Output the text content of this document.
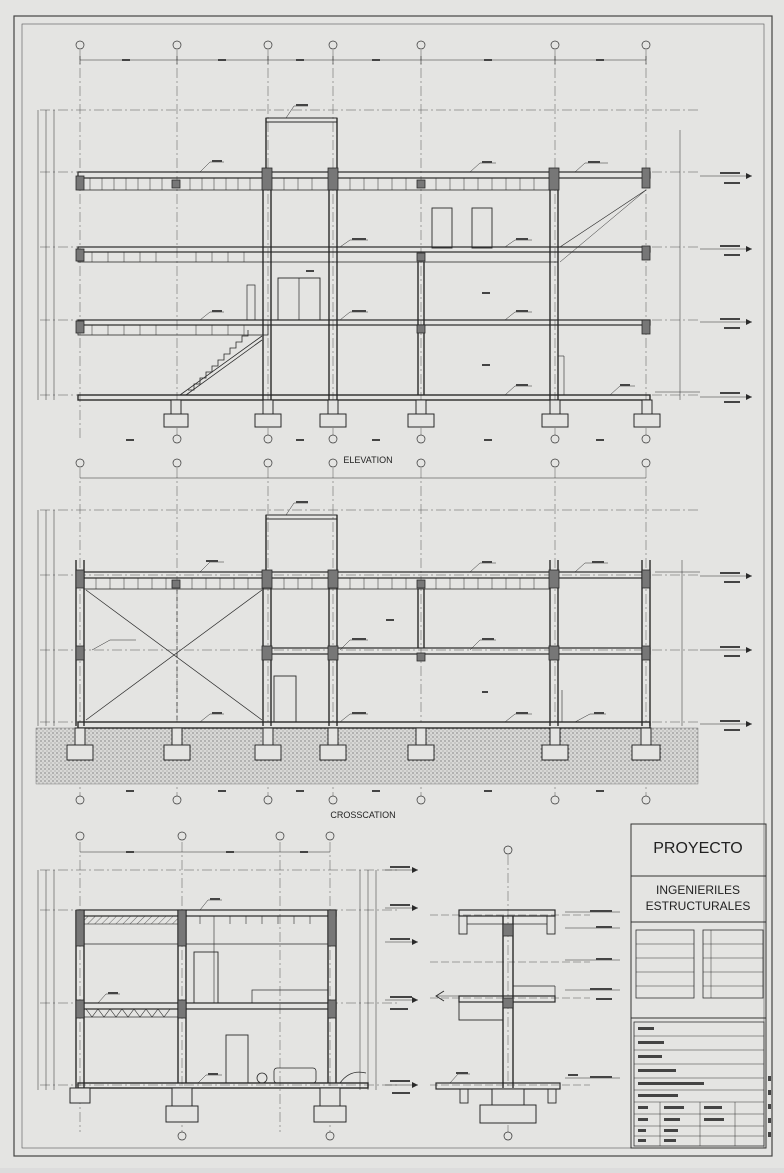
ELEVATION
CROSSCATION
PROYECTO
INGENIERILES
ESTRUCTURALES
